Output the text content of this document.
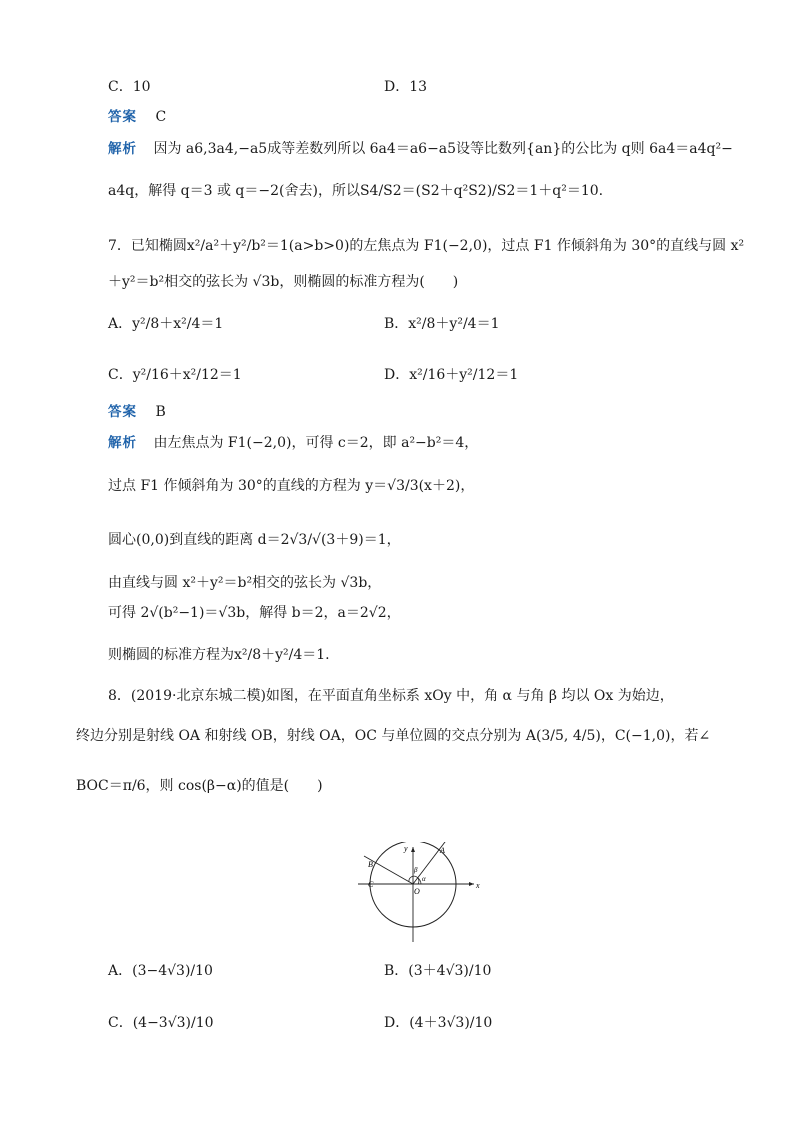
C．10	D．13
答案 C
解析 因为 a6,3a4,−a5成等差数列所以 6a4＝a6−a5设等比数列{an}的公比为 q则 6a4＝a4q²−
a4q，解得 q＝3 或 q＝−2(舍去)，所以S4/S2＝(S2＋q²S2)/S2＝1＋q²＝10.
7．已知椭圆x²/a²＋y²/b²＝1(a>b>0)的左焦点为 F1(−2,0)，过点 F1 作倾斜角为 30°的直线与圆 x²
＋y²＝b²相交的弦长为 √3b，则椭圆的标准方程为(　　)
A．y²/8＋x²/4＝1	B．x²/8＋y²/4＝1
C．y²/16＋x²/12＝1	D．x²/16＋y²/12＝1
答案 B
解析 由左焦点为 F1(−2,0)，可得 c＝2，即 a²−b²＝4，
过点 F1 作倾斜角为 30°的直线的方程为 y＝√3/3(x＋2)，
圆心(0,0)到直线的距离 d＝2√3/√(3＋9)＝1，
由直线与圆 x²＋y²＝b²相交的弦长为 √3b，
可得 2√(b²−1)＝√3b，解得 b＝2，a＝2√2，
则椭圆的标准方程为x²/8＋y²/4＝1.
8．(2019·北京东城二模)如图，在平面直角坐标系 xOy 中，角 α 与角 β 均以 Ox 为始边，
终边分别是射线 OA 和射线 OB，射线 OA，OC 与单位圆的交点分别为 A(3/5, 4/5)，C(−1,0)，若∠
BOC＝π/6，则 cos(β−α)的值是(　　)
x
y	A
B
C
O
α
β
A．(3−4√3)/10	B．(3＋4√3)/10
C．(4−3√3)/10	D．(4＋3√3)/10
